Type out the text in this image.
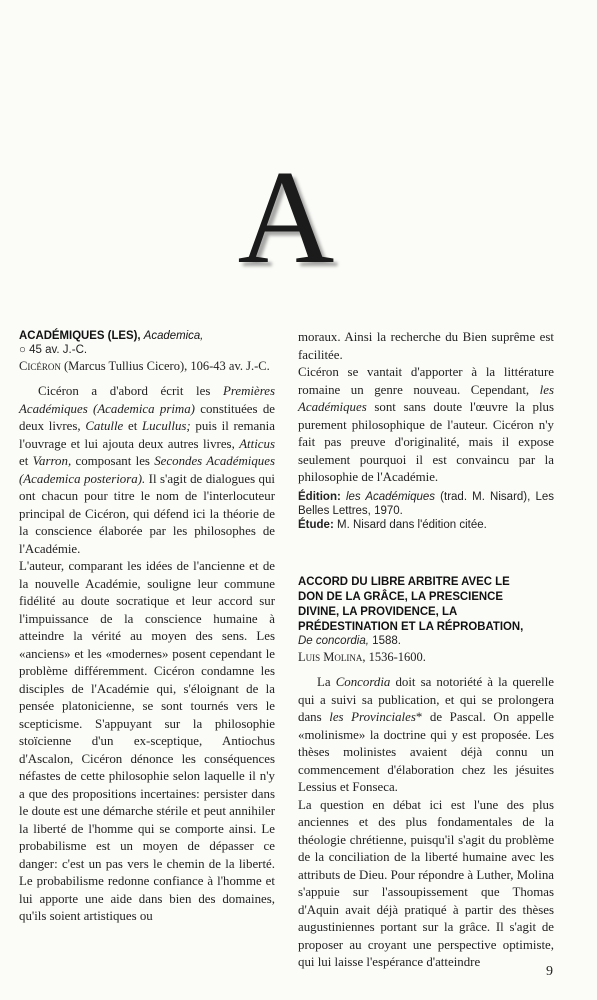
A
ACADÉMIQUES (LES), Academica,
○ 45 av. J.-C.
Cicéron (Marcus Tullius Cicero), 106-43 av. J.-C.

Cicéron a d'abord écrit les Premières Académiques (Academica prima) constituées de deux livres, Catulle et Lucullus; puis il remania l'ouvrage et lui ajouta deux autres livres, Atticus et Varron, composant les Secondes Académiques (Academica posteriora). Il s'agit de dialogues qui ont chacun pour titre le nom de l'interlocuteur principal de Cicéron, qui défend ici la théorie de la conscience élaborée par les philosophes de l'Académie.

L'auteur, comparant les idées de l'ancienne et de la nouvelle Académie, souligne leur commune fidélité au doute socratique et leur accord sur l'impuissance de la conscience humaine à atteindre la vérité au moyen des sens. Les «anciens» et les «modernes» posent cependant le problème différemment. Cicéron condamne les disciples de l'Académie qui, s'éloignant de la pensée platonicienne, se sont tournés vers le scepticisme. S'appuyant sur la philosophie stoïcienne d'un ex-sceptique, Antiochus d'Ascalon, Cicéron dénonce les conséquences néfastes de cette philosophie selon laquelle il n'y a que des propositions incertaines: persister dans le doute est une démarche stérile et peut annihiler la liberté de l'homme qui se comporte ainsi. Le probabilisme est un moyen de dépasser ce danger: c'est un pas vers le chemin de la liberté. Le probabilisme redonne confiance à l'homme et lui apporte une aide dans bien des domaines, qu'ils soient artistiques ou

moraux. Ainsi la recherche du Bien suprême est facilitée.

Cicéron se vantait d'apporter à la littérature romaine un genre nouveau. Cependant, les Académiques sont sans doute l'œuvre la plus purement philosophique de l'auteur. Cicéron n'y fait pas preuve d'originalité, mais il expose seulement pourquoi il est convaincu par la philosophie de l'Académie.

Édition: les Académiques (trad. M. Nisard), Les Belles Lettres, 1970.

Étude: M. Nisard dans l'édition citée.

ACCORD DU LIBRE ARBITRE AVEC LE DON DE LA GRÂCE, LA PRESCIENCE DIVINE, LA PROVIDENCE, LA PRÉDESTINATION ET LA RÉPROBATION,
De concordia, 1588.
Luis Molina, 1536-1600.

La Concordia doit sa notoriété à la querelle qui a suivi sa publication, et qui se prolongera dans les Provinciales* de Pascal. On appelle «molinisme» la doctrine qui y est proposée. Les thèses molinistes avaient déjà connu un commencement d'élaboration chez les jésuites Lessius et Fonseca.

La question en débat ici est l'une des plus anciennes et des plus fondamentales de la théologie chrétienne, puisqu'il s'agit du problème de la conciliation de la liberté humaine avec les attributs de Dieu. Pour répondre à Luther, Molina s'appuie sur l'assoupissement que Thomas d'Aquin avait déjà pratiqué à partir des thèses augustiniennes portant sur la grâce. Il s'agit de proposer au croyant une perspective optimiste, qui lui laisse l'espérance d'atteindre

9
